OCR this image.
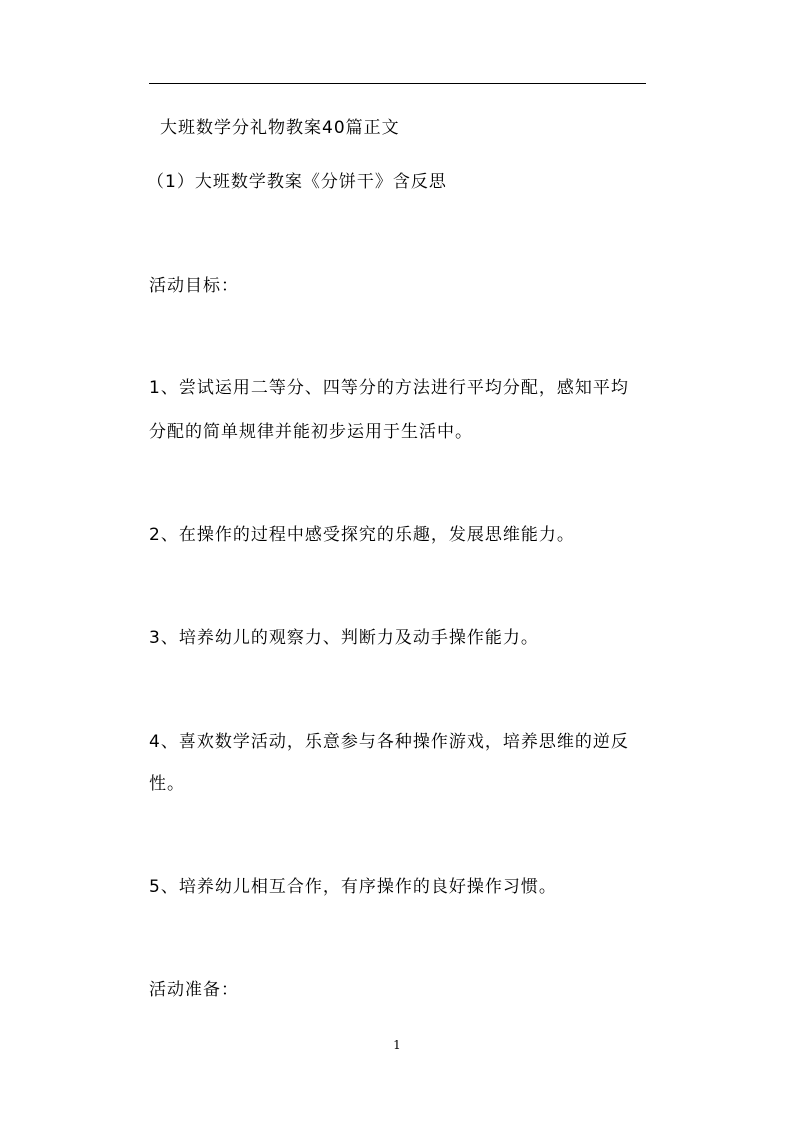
大班数学分礼物教案40篇正文
（1）大班数学教案《分饼干》含反思
活动目标：
1、尝试运用二等分、四等分的方法进行平均分配，感知平均
分配的简单规律并能初步运用于生活中。
2、在操作的过程中感受探究的乐趣，发展思维能力。
3、培养幼儿的观察力、判断力及动手操作能力。
4、喜欢数学活动，乐意参与各种操作游戏，培养思维的逆反
性。
5、培养幼儿相互合作，有序操作的良好操作习惯。
活动准备：
1
